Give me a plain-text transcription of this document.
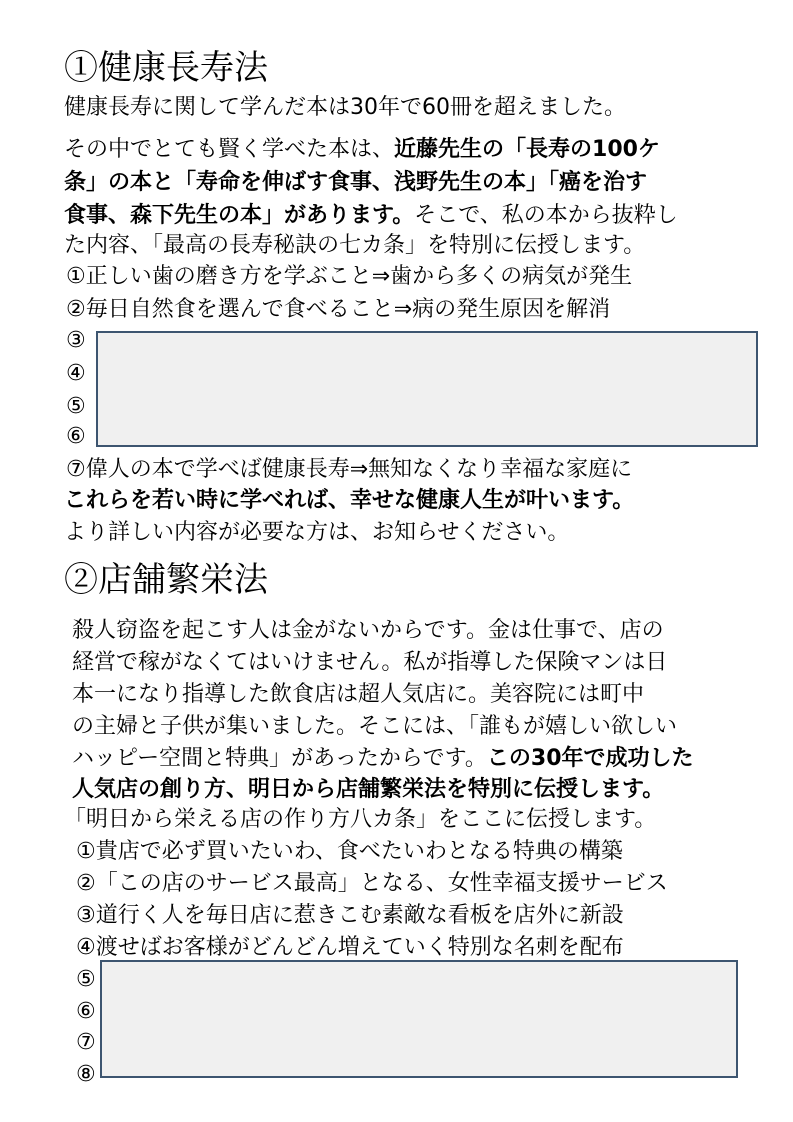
①健康長寿法
健康長寿に関して学んだ本は30年で60冊を超えました。
その中でとても賢く学べた本は、近藤先生の「長寿の100ケ
条」の本と「寿命を伸ばす食事、浅野先生の本」「癌を治す
食事、森下先生の本」があります。そこで、私の本から抜粋し
た内容、「最高の長寿秘訣の七カ条」を特別に伝授します。
①正しい歯の磨き方を学ぶこと⇒歯から多くの病気が発生
②毎日自然食を選んで食べること⇒病の発生原因を解消
③
④
⑤
⑥
⑦偉人の本で学べば健康長寿⇒無知なくなり幸福な家庭に
これらを若い時に学べれば、幸せな健康人生が叶います。
より詳しい内容が必要な方は、お知らせください。
②店舗繁栄法
殺人窃盗を起こす人は金がないからです。金は仕事で、店の
経営で稼がなくてはいけません。私が指導した保険マンは日
本一になり指導した飲食店は超人気店に。美容院には町中
の主婦と子供が集いました。そこには、「誰もが嬉しい欲しい
ハッピー空間と特典」があったからです。この30年で成功した
人気店の創り方、明日から店舗繁栄法を特別に伝授します。
「明日から栄える店の作り方八カ条」をここに伝授します。
①貴店で必ず買いたいわ、食べたいわとなる特典の構築
②「この店のサービス最高」となる、女性幸福支援サービス
③道行く人を毎日店に惹きこむ素敵な看板を店外に新設
④渡せばお客様がどんどん増えていく特別な名刺を配布
⑤
⑥
⑦
⑧
